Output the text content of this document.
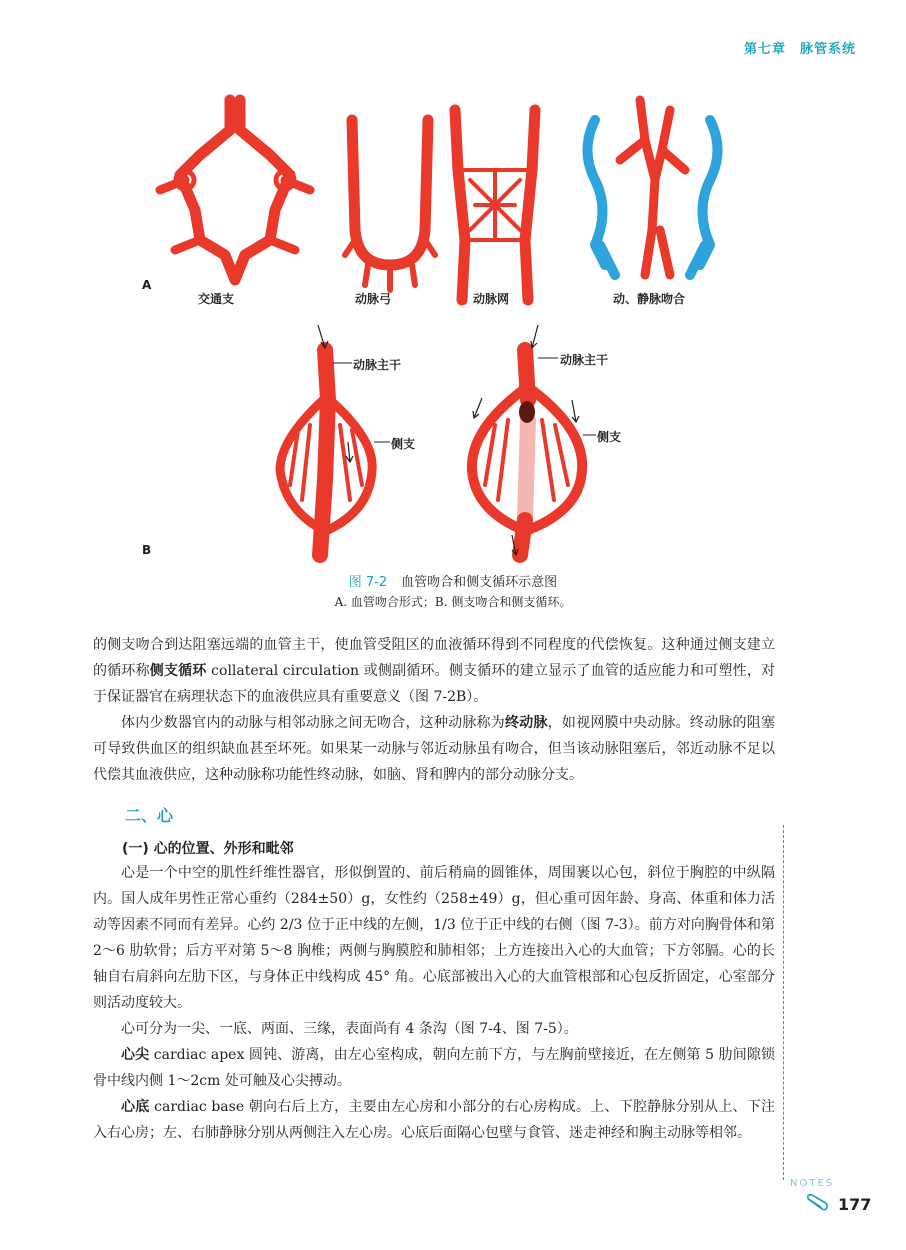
第七章　脉管系统
A
交通支	动脉弓	动脉网	动、静脉吻合
B
动脉主干
侧支
动脉主干
侧支
图 7-2 血管吻合和侧支循环示意图
A. 血管吻合形式；B. 侧支吻合和侧支循环。
的侧支吻合到达阻塞远端的血管主干，使血管受阻区的血液循环得到不同程度的代偿恢复。这种通过侧支建立的循环称侧支循环 collateral circulation 或侧副循环。侧支循环的建立显示了血管的适应能力和可塑性，对于保证器官在病理状态下的血液供应具有重要意义（图 7-2B）。
体内少数器官内的动脉与相邻动脉之间无吻合，这种动脉称为终动脉，如视网膜中央动脉。终动脉的阻塞可导致供血区的组织缺血甚至坏死。如果某一动脉与邻近动脉虽有吻合，但当该动脉阻塞后，邻近动脉不足以代偿其血液供应，这种动脉称功能性终动脉，如脑、肾和脾内的部分动脉分支。
二、心
(一) 心的位置、外形和毗邻
心是一个中空的肌性纤维性器官，形似倒置的、前后稍扁的圆锥体，周围裹以心包，斜位于胸腔的中纵隔内。国人成年男性正常心重约（284±50）g，女性约（258±49）g，但心重可因年龄、身高、体重和体力活动等因素不同而有差异。心约 2/3 位于正中线的左侧，1/3 位于正中线的右侧（图 7-3）。前方对向胸骨体和第 2～6 肋软骨；后方平对第 5～8 胸椎；两侧与胸膜腔和肺相邻；上方连接出入心的大血管；下方邻膈。心的长轴自右肩斜向左肋下区，与身体正中线构成 45° 角。心底部被出入心的大血管根部和心包反折固定，心室部分则活动度较大。
心可分为一尖、一底、两面、三缘，表面尚有 4 条沟（图 7-4、图 7-5）。
心尖 cardiac apex 圆钝、游离，由左心室构成，朝向左前下方，与左胸前壁接近，在左侧第 5 肋间隙锁骨中线内侧 1～2cm 处可触及心尖搏动。
心底 cardiac base 朝向右后上方，主要由左心房和小部分的右心房构成。上、下腔静脉分别从上、下注入右心房；左、右肺静脉分别从两侧注入左心房。心底后面隔心包壁与食管、迷走神经和胸主动脉等相邻。
NOTES
177
